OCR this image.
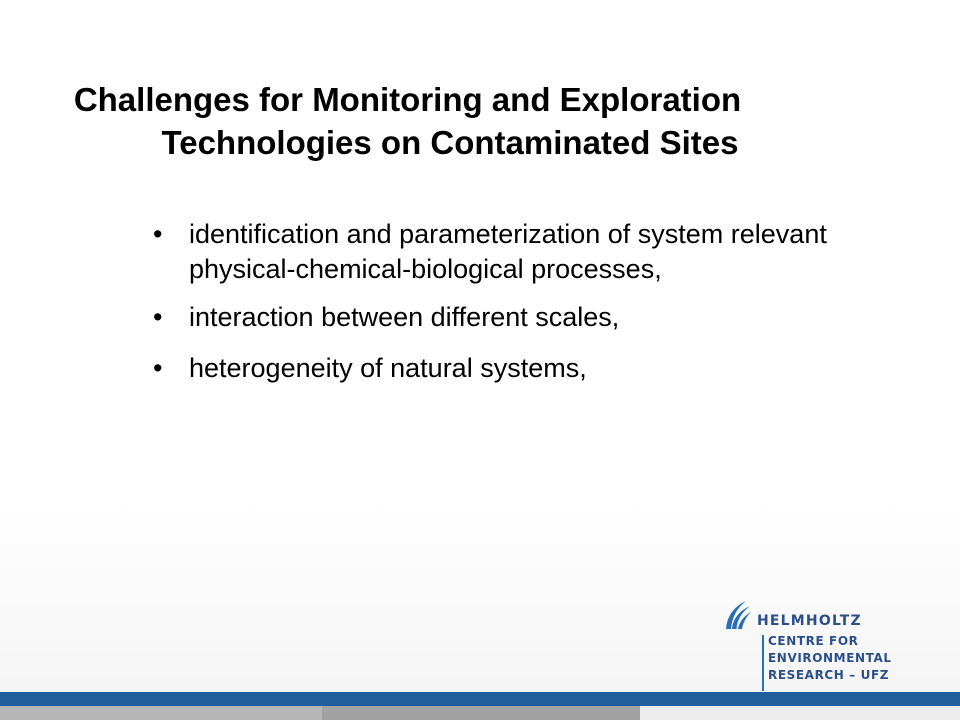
Challenges for Monitoring and Exploration
Technologies on Contaminated Sites
• identification and parameterization of system relevant
physical-chemical-biological processes,
• interaction between different scales,
• heterogeneity of natural systems,
HELMHOLTZ
CENTRE FOR
ENVIRONMENTAL
RESEARCH – UFZ
